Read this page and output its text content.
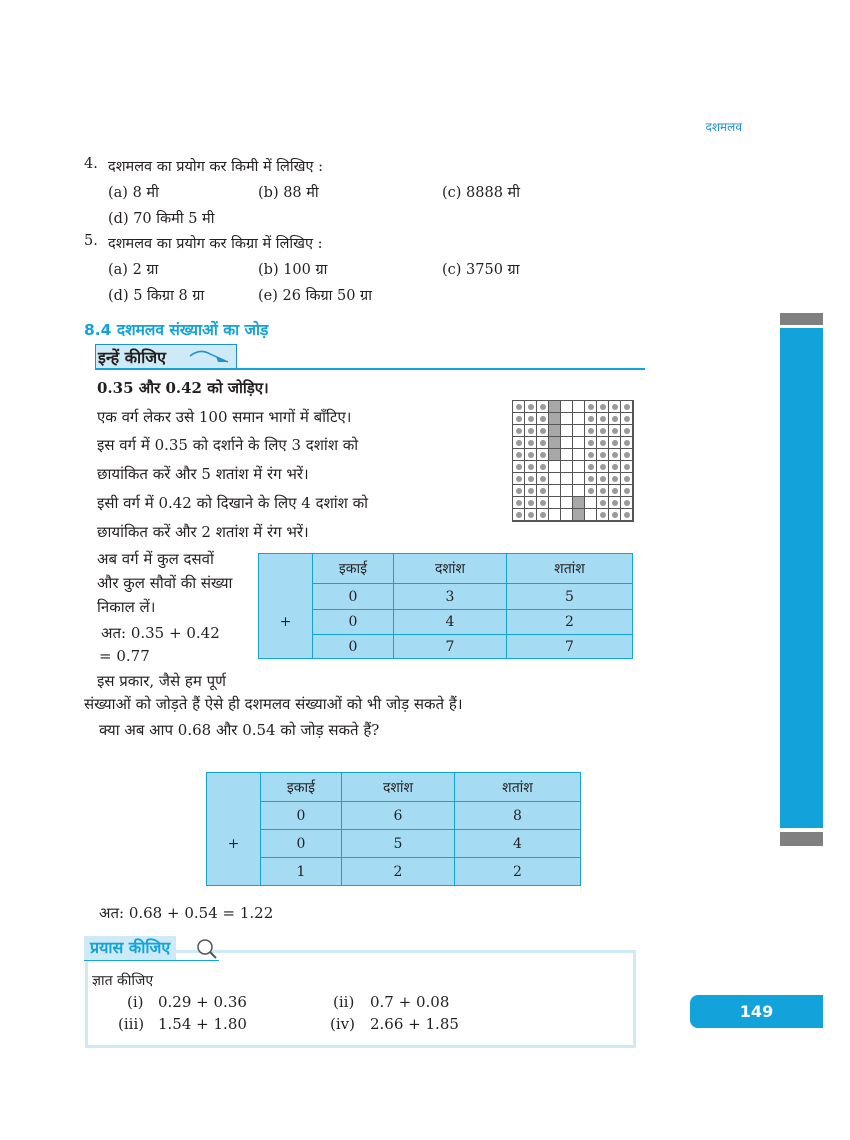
दशमलव
4. दशमलव का प्रयोग कर किमी में लिखिए :
(a) 8 मी	(b) 88 मी	(c) 8888 मी
(d) 70 किमी 5 मी
5. दशमलव का प्रयोग कर किग्रा में लिखिए :
(a) 2 ग्रा	(b) 100 ग्रा	(c) 3750 ग्रा
(d) 5 किग्रा 8 ग्रा	(e) 26 किग्रा 50 ग्रा
8.4 दशमलव संख्याओं का जोड़
इन्हें कीजिए
0.35 और 0.42 को जोड़िए।
एक वर्ग लेकर उसे 100 समान भागों में बाँटिए।
इस वर्ग में 0.35 को दर्शाने के लिए 3 दशांश को
छायांकित करें और 5 शतांश में रंग भरें।
इसी वर्ग में 0.42 को दिखाने के लिए 4 दशांश को
छायांकित करें और 2 शतांश में रंग भरें।
अब वर्ग में कुल दसवों
और कुल सौवों की संख्या
निकाल लें।
अत: 0.35 + 0.42
= 0.77
इस प्रकार, जैसे हम पूर्ण
संख्याओं को जोड़ते हैं ऐसे ही दशमलव संख्याओं को भी जोड़ सकते हैं।
क्या अब आप 0.68 और 0.54 को जोड़ सकते हैं?
	इकाई	दशांश	शतांश
	0	3	5
+	0	4	2
	0	7	7
	इकाई	दशांश	शतांश
	0	6	8
+	0	5	4
	1	2	2
अत: 0.68 + 0.54 = 1.22
प्रयास कीजिए
ज्ञात कीजिए
(i) 0.29 + 0.36	(ii) 0.7 + 0.08
(iii) 1.54 + 1.80	(iv) 2.66 + 1.85
149
